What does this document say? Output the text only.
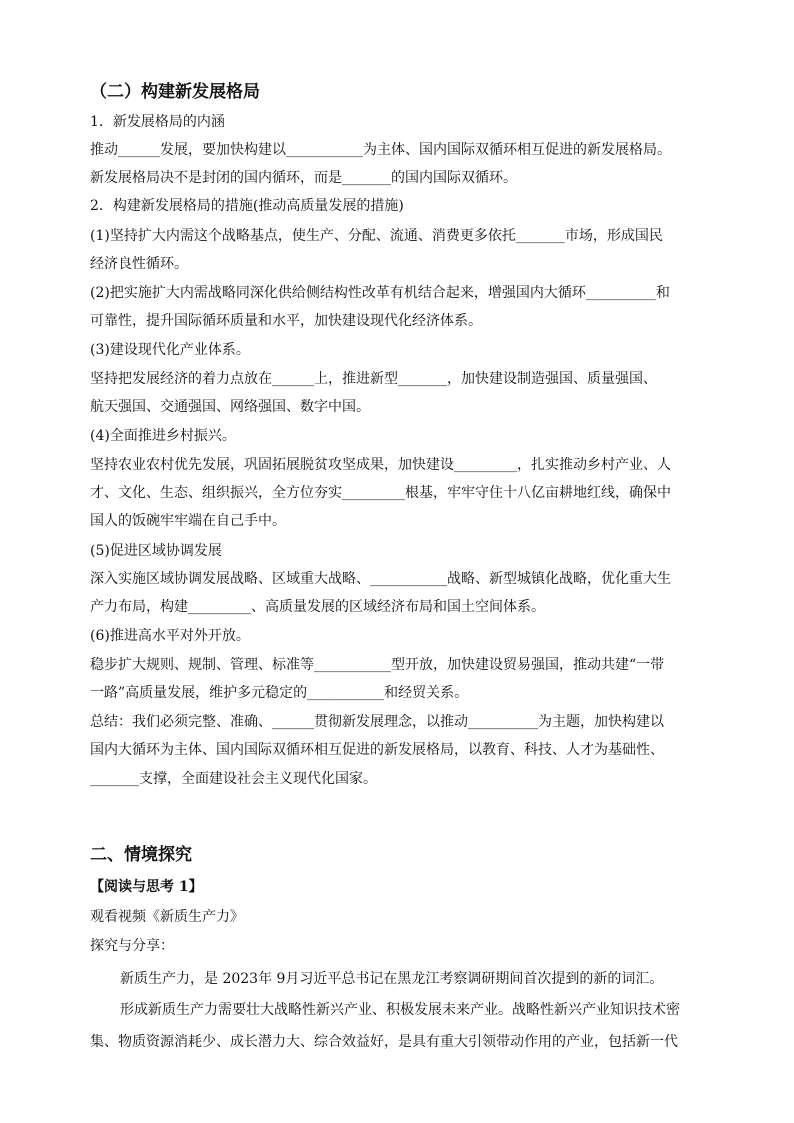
（二）构建新发展格局
1．新发展格局的内涵
推动______发展，要加快构建以___________为主体、国内国际双循环相互促进的新发展格局。
新发展格局决不是封闭的国内循环，而是_______的国内国际双循环。
2．构建新发展格局的措施(推动高质量发展的措施)
(1)坚持扩大内需这个战略基点，使生产、分配、流通、消费更多依托_______市场，形成国民
经济良性循环。
(2)把实施扩大内需战略同深化供给侧结构性改革有机结合起来，增强国内大循环__________和
可靠性，提升国际循环质量和水平，加快建设现代化经济体系。
(3)建设现代化产业体系。
坚持把发展经济的着力点放在______上，推进新型_______，加快建设制造强国、质量强国、
航天强国、交通强国、网络强国、数字中国。
(4)全面推进乡村振兴。
坚持农业农村优先发展，巩固拓展脱贫攻坚成果，加快建设_________，扎实推动乡村产业、人
才、文化、生态、组织振兴，全方位夯实_________根基，牢牢守住十八亿亩耕地红线，确保中
国人的饭碗牢牢端在自己手中。
(5)促进区域协调发展
深入实施区域协调发展战略、区域重大战略、___________战略、新型城镇化战略，优化重大生
产力布局，构建_________、高质量发展的区域经济布局和国土空间体系。
(6)推进高水平对外开放。
稳步扩大规则、规制、管理、标准等___________型开放，加快建设贸易强国，推动共建“一带
一路”高质量发展，维护多元稳定的___________和经贸关系。
总结：我们必须完整、准确、______贯彻新发展理念，以推动__________为主题，加快构建以
国内大循环为主体、国内国际双循环相互促进的新发展格局，以教育、科技、人才为基础性、
_______支撑，全面建设社会主义现代化国家。
二、情境探究
【阅读与思考 1】
观看视频《新质生产力》
探究与分享：
新质生产力，是 2023年 9月习近平总书记在黑龙江考察调研期间首次提到的新的词汇。
形成新质生产力需要壮大战略性新兴产业、积极发展未来产业。战略性新兴产业知识技术密
集、物质资源消耗少、成长潜力大、综合效益好，是具有重大引领带动作用的产业，包括新一代
